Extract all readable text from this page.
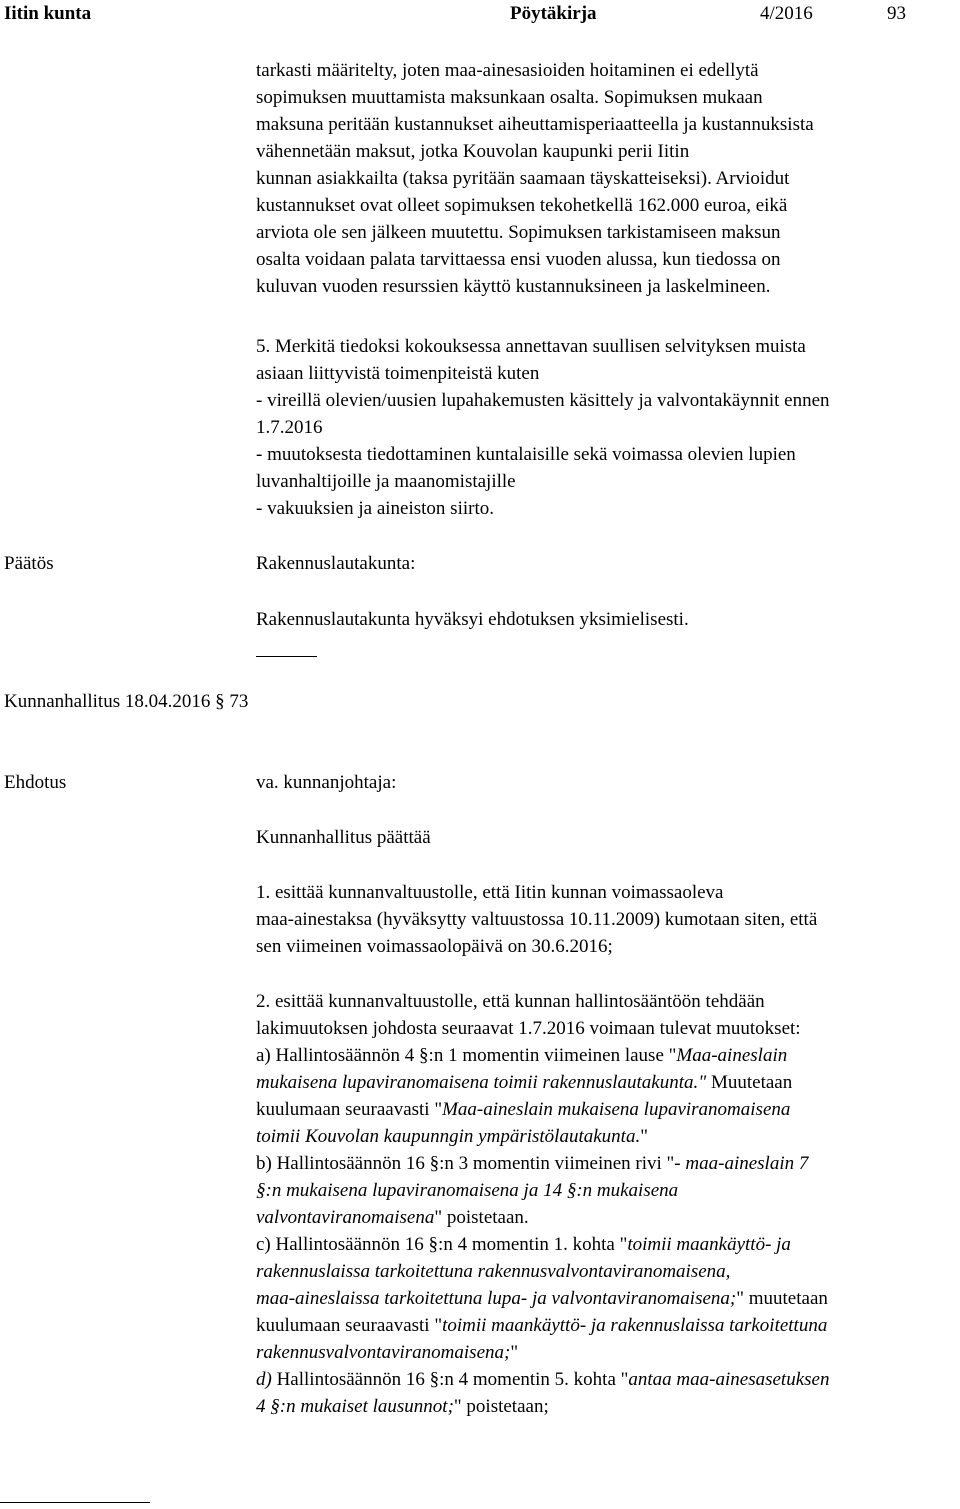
Iitin kunta	Pöytäkirja	4/2016	93
tarkasti määritelty, joten maa-ainesasioiden hoitaminen ei edellytä
sopimuksen muuttamista maksunkaan osalta. Sopimuksen mukaan
maksuna peritään kustannukset aiheuttamisperiaatteella ja kustannuksista
vähennetään maksut, jotka Kouvolan kaupunki perii Iitin
kunnan asiakkailta (taksa pyritään saamaan täyskatteiseksi). Arvioidut
kustannukset ovat olleet sopimuksen tekohetkellä 162.000 euroa, eikä
arviota ole sen jälkeen muutettu. Sopimuksen tarkistamiseen maksun
osalta voidaan palata tarvittaessa ensi vuoden alussa, kun tiedossa on
kuluvan vuoden resurssien käyttö kustannuksineen ja laskelmineen.
5. Merkitä tiedoksi kokouksessa annettavan suullisen selvityksen muista
asiaan liittyvistä toimenpiteistä kuten
- vireillä olevien/uusien lupahakemusten käsittely ja valvontakäynnit ennen
1.7.2016
- muutoksesta tiedottaminen kuntalaisille sekä voimassa olevien lupien
luvanhaltijoille ja maanomistajille
- vakuuksien ja aineiston siirto.
Päätös	Rakennuslautakunta:
Rakennuslautakunta hyväksyi ehdotuksen yksimielisesti.
Kunnanhallitus 18.04.2016 § 73
Ehdotus	va. kunnanjohtaja:
Kunnanhallitus päättää
1. esittää kunnanvaltuustolle, että Iitin kunnan voimassaoleva
maa-ainestaksa (hyväksytty valtuustossa 10.11.2009) kumotaan siten, että
sen viimeinen voimassaolopäivä on 30.6.2016;
2. esittää kunnanvaltuustolle, että kunnan hallintosääntöön tehdään
lakimuutoksen johdosta seuraavat 1.7.2016 voimaan tulevat muutokset:
a) Hallintosäännön 4 §:n 1 momentin viimeinen lause "Maa-aineslain
mukaisena lupaviranomaisena toimii rakennuslautakunta." Muutetaan
kuulumaan seuraavasti "Maa-aineslain mukaisena lupaviranomaisena
toimii Kouvolan kaupunngin ympäristölautakunta."
b) Hallintosäännön 16 §:n 3 momentin viimeinen rivi "- maa-aineslain 7
§:n mukaisena lupaviranomaisena ja 14 §:n mukaisena
valvontaviranomaisena" poistetaan.
c) Hallintosäännön 16 §:n 4 momentin 1. kohta "toimii maankäyttö- ja
rakennuslaissa tarkoitettuna rakennusvalvontaviranomaisena,
maa-aineslaissa tarkoitettuna lupa- ja valvontaviranomaisena;" muutetaan
kuulumaan seuraavasti "toimii maankäyttö- ja rakennuslaissa tarkoitettuna
rakennusvalvontaviranomaisena;"
d) Hallintosäännön 16 §:n 4 momentin 5. kohta "antaa maa-ainesasetuksen
4 §:n mukaiset lausunnot;" poistetaan;
